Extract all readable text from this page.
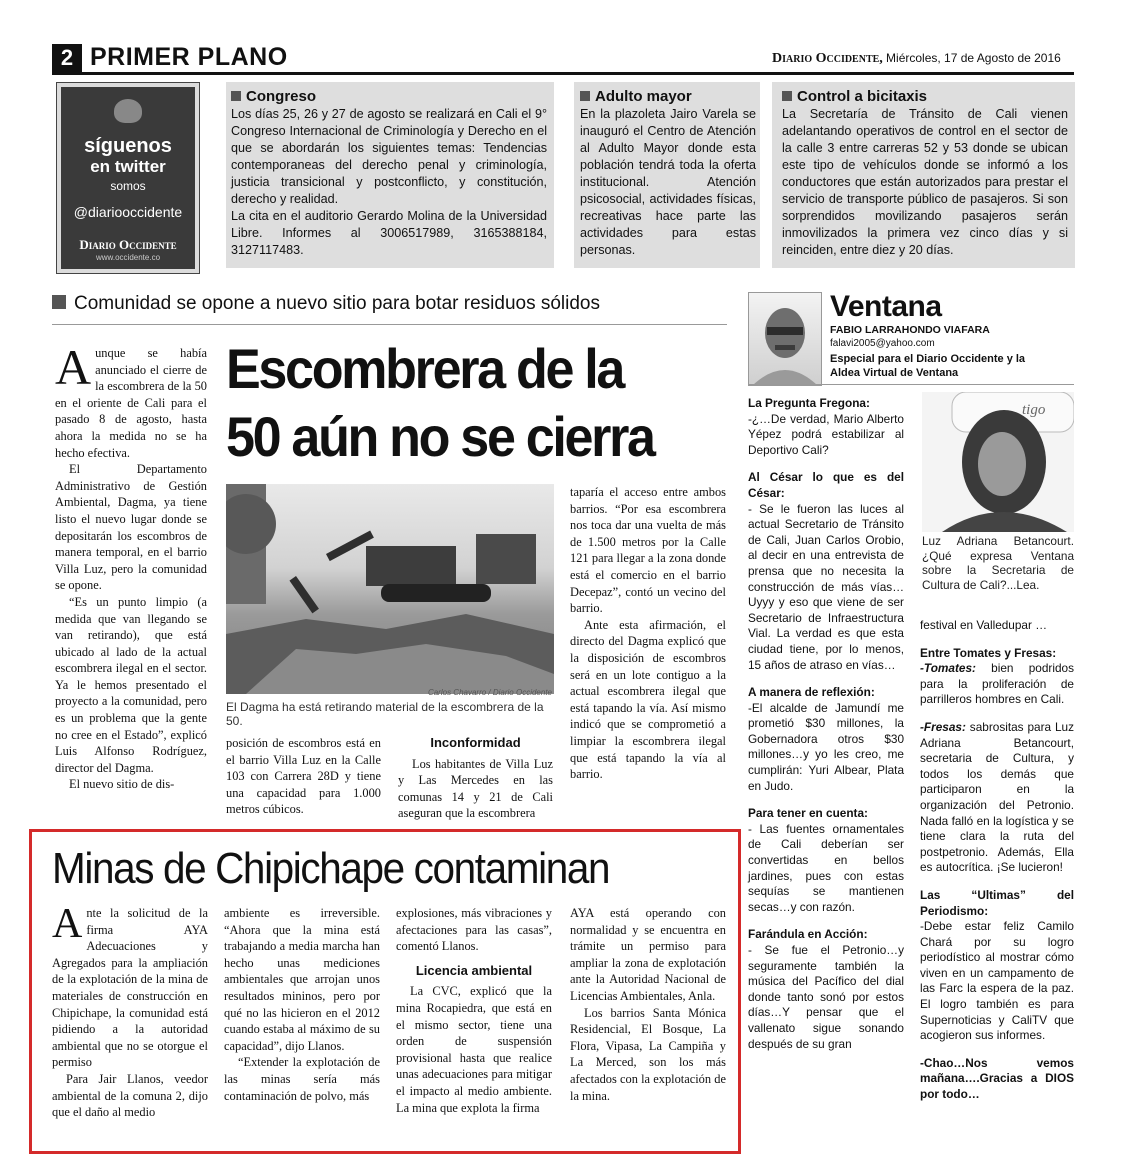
2 PRIMER PLANO	Diario Occidente, Miércoles, 17 de Agosto de 2016
síguenos
en twitter
somos
@diariooccidente
Diario Occidente
www.occidente.co
Congreso
Los días 25, 26 y 27 de agosto se realizará en Cali el 9° Congreso Internacional de Criminología y Derecho en el que se abordarán los siguientes temas: Tendencias contemporaneas del derecho penal y criminología, justicia transicional y postconflicto, y constitución, derecho y realidad.
La cita en el auditorio Gerardo Molina de la Universidad Libre. Informes al 3006517989, 3165388184, 3127117483.
Adulto mayor
En la plazoleta Jairo Varela se inauguró el Centro de Atención al Adulto Mayor donde esta población tendrá toda la oferta institucional. Atención psicosocial, actividades físicas, recreativas hace parte las actividades para estas personas.
Control a bicitaxis
La Secretaría de Tránsito de Cali vienen adelantando operativos de control en el sector de la calle 3 entre carreras 52 y 53 donde se ubican este tipo de vehículos donde se informó a los conductores que están autorizados para prestar el servicio de transporte público de pasajeros. Si son sorprendidos movilizando pasajeros serán inmovilizados la primera vez cinco días y si reinciden, entre diez y 20 días.
Comunidad se opone a nuevo sitio para botar residuos sólidos
Escombrera de la
50 aún no se cierra

Aunque se había anunciado el cierre de la escombrera de la 50 en el oriente de Cali para el pasado 8 de agosto, hasta ahora la medida no se ha hecho efectiva.

El Departamento Administrativo de Gestión Ambiental, Dagma, ya tiene listo el nuevo lugar donde se depositarán los escombros de manera temporal, en el barrio Villa Luz, pero la comunidad se opone.

“Es un punto limpio (a medida que van llegando se van retirando), que está ubicado al lado de la actual escombrera ilegal en el sector. Ya le hemos presentado el proyecto a la comunidad, pero es un problema que la gente no cree en el Estado”, explicó Luis Alfonso Rodríguez, director del Dagma.

El nuevo sitio de dis-

Carlos Chavarro / Diario Occidente
El Dagma ha está retirando material de la escombrera de la 50.

posición de escombros está en el barrio Villa Luz en la Calle 103 con Carrera 28D y tiene una capacidad para 1.000 metros cúbicos.

Inconformidad

Los habitantes de Villa Luz y Las Mercedes en las comunas 14 y 21 de Cali aseguran que la escombrera

taparía el acceso entre ambos barrios. “Por esa escombrera nos toca dar una vuelta de más de 1.500 metros por la Calle 121 para llegar a la zona donde está el comercio en el barrio Decepaz”, contó un vecino del barrio.

Ante esta afirmación, el directo del Dagma explicó que la disposición de escombros será en un lote contiguo a la actual escombrera ilegal que está tapando la vía. Así mismo indicó que se comprometió a limpiar la escombrera ilegal que está tapando la vía al barrio.

Minas de Chipichape contaminan

Ante la solicitud de la firma AYA Adecuaciones y Agregados para la ampliación de la explotación de la mina de materiales de construcción en Chipichape, la comunidad está pidiendo a la autoridad ambiental que no se otorgue el permiso

Para Jair Llanos, veedor ambiental de la comuna 2, dijo que el daño al medio

ambiente es irreversible. “Ahora que la mina está trabajando a media marcha han hecho unas mediciones ambientales que arrojan unos resultados mininos, pero por qué no las hicieron en el 2012 cuando estaba al máximo de su capacidad”, dijo Llanos.

“Extender la explotación de las minas sería más contaminación de polvo, más

explosiones, más vibraciones y afectaciones para las casas”, comentó Llanos.

Licencia ambiental

La CVC, explicó que la mina Rocapiedra, que está en el mismo sector, tiene una orden de suspensión provisional hasta que realice unas adecuaciones para mitigar el impacto al medio ambiente. La mina que explota la firma

AYA está operando con normalidad y se encuentra en trámite un permiso para ampliar la zona de explotación ante la Autoridad Nacional de Licencias Ambientales, Anla.

Los barrios Santa Mónica Residencial, El Bosque, La Flora, Vipasa, La Campiña y La Merced, son los más afectados con la explotación de la mina.

Ventana
FABIO LARRAHONDO VIAFARA
falavi2005@yahoo.com
Especial para el Diario Occidente y la Aldea Virtual de Ventana
tigo
Luz Adriana Betancourt. ¿Qué expresa Ventana sobre la Secretaria de Cultura de Cali?...Lea.
La Pregunta Fregona:

-¿…De verdad, Mario Alberto Yépez podrá estabilizar al Deportivo Cali?

Al César lo que es del César:

- Se le fueron las luces al actual Secretario de Tránsito de Cali, Juan Carlos Orobio, al decir en una entrevista de prensa que no necesita la construcción de más vías…Uyyy y eso que viene de ser Secretario de Infraestructura Vial. La verdad es que esta ciudad tiene, por lo menos, 15 años de atraso en vías…

A manera de reflexión:

-El alcalde de Jamundí me prometió $30 millones, la Gobernadora otros $30 millones…y yo les creo, me cumplirán: Yuri Albear, Plata en Judo.

Para tener en cuenta:

- Las fuentes ornamentales de Cali deberían ser convertidas en bellos jardines, pues con estas sequías se mantienen secas…y con razón.

Farándula en Acción:

- Se fue el Petronio…y seguramente también la música del Pacífico del dial donde tanto sonó por estos días…Y pensar que el vallenato sigue sonando después de su gran

festival en Valledupar …

Entre Tomates y Fresas:

-Tomates: bien podridos para la proliferación de parrilleros hombres en Cali.

-Fresas: sabrositas para Luz Adriana Betancourt, secretaria de Cultura, y todos los demás que participaron en la organización del Petronio. Nada falló en la logística y se tiene clara la ruta del postpetronio. Además, Ella es autocrítica. ¡Se lucieron!

Las “Ultimas” del Periodismo:

-Debe estar feliz Camilo Chará por su logro periodístico al mostrar cómo viven en un campamento de las Farc la espera de la paz. El logro también es para Supernoticias y CaliTV que acogieron sus informes.

-Chao…Nos vemos mañana….Gracias a DIOS por todo…
